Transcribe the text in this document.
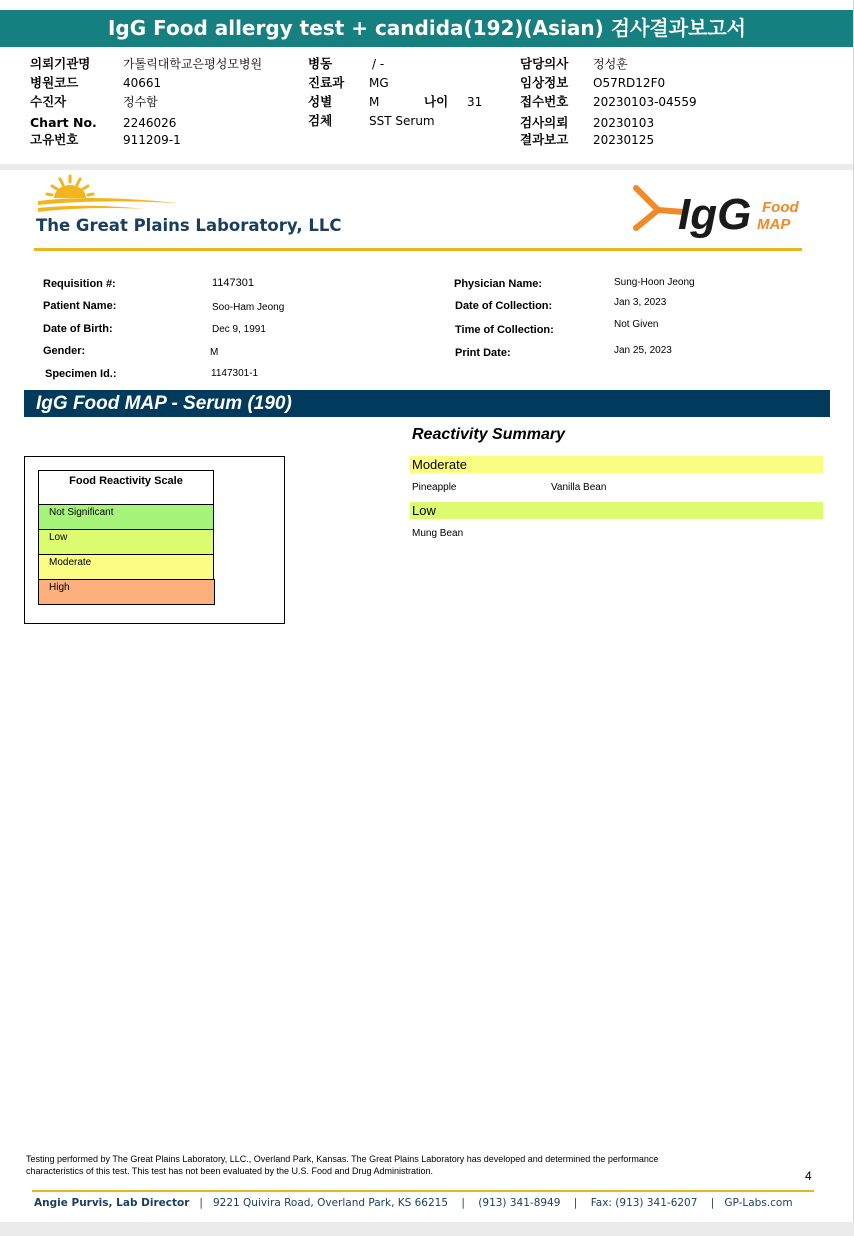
IgG Food allergy test + candida(192)(Asian) 검사결과보고서
의뢰기관명	가톨릭대학교은평성모병원
병원코드	40661
수진자	정수함
Chart No. 2246026
고유번호	911209-1
병동	/ -
진료과 MG
성별	M	나이 31
검체	SST Serum
담당의사 정성훈
임상정보 O57RD12F0
접수번호 20230103-04559
검사의뢰 20230103
결과보고 20230125
The Great Plains Laboratory, LLC	IgG Food
MAP
Requisition #:	1147301
Patient Name:	Soo-Ham Jeong
Date of Birth:	Dec 9, 1991
Gender:	M
Specimen Id.:	1147301-1
Physician Name:	Sung-Hoon Jeong
Date of Collection:	Jan 3, 2023
Time of Collection:	Not Given
Print Date:	Jan 25, 2023
IgG Food MAP - Serum (190)
Food Reactivity Scale
Not Significant
Low
Moderate
High
Reactivity Summary
Moderate
Pineapple	Vanilla Bean
Low
Mung Bean
Testing performed by The Great Plains Laboratory, LLC., Overland Park, Kansas. The Great Plains Laboratory has developed and determined the performance
characteristics of this test. This test has not been evaluated by the U.S. Food and Drug Administration.	4
Angie Purvis, Lab Director   |   9221 Quivira Road, Overland Park, KS 66215    |    (913) 341-8949    |    Fax: (913) 341-6207    |   GP-Labs.com
